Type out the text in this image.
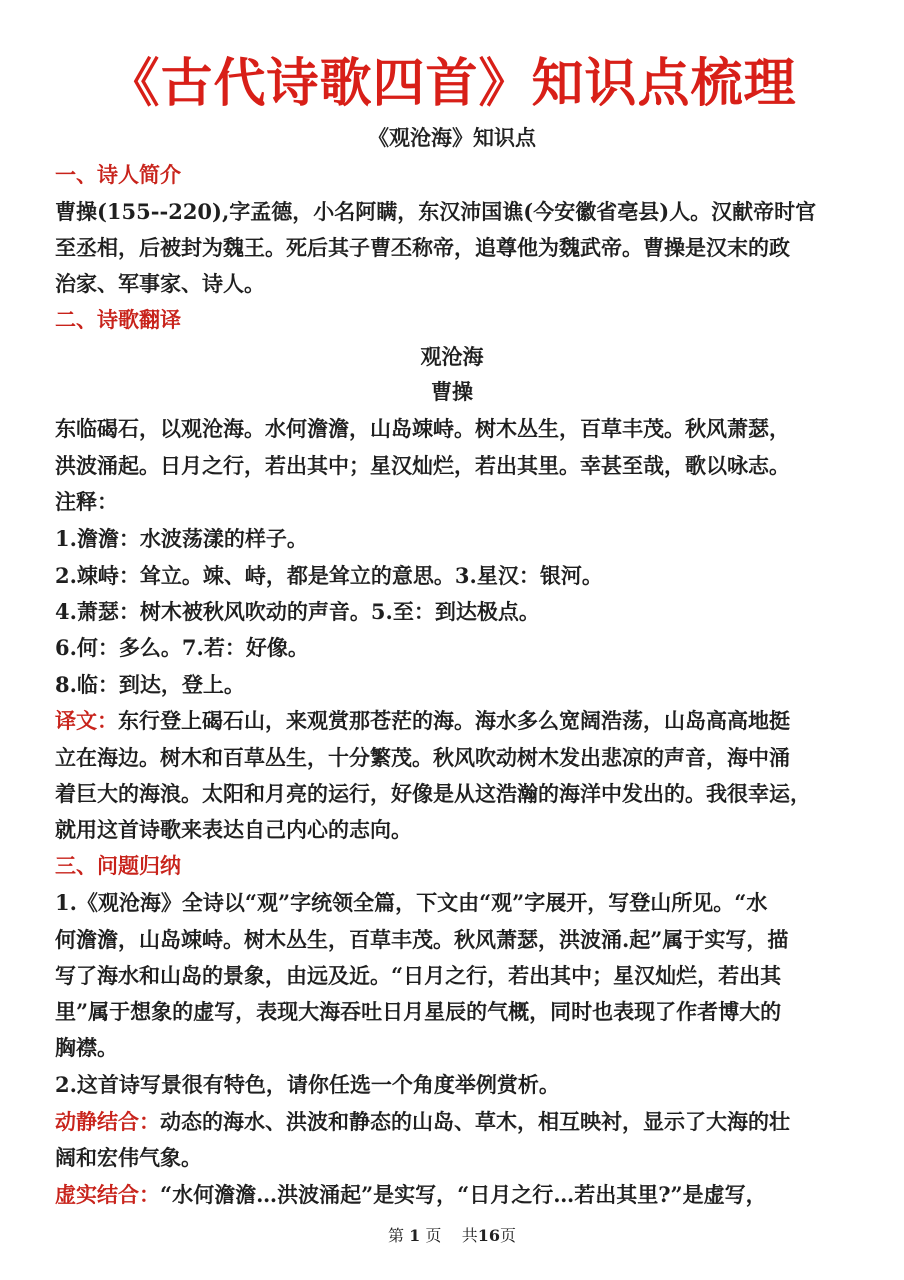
《古代诗歌四首》知识点梳理
《观沧海》知识点
一、诗人简介
曹操(155--220),字孟德，小名阿瞒，东汉沛国谯(今安徽省亳县)人。汉献帝时官
至丞相，后被封为魏王。死后其子曹丕称帝，追尊他为魏武帝。曹操是汉末的政
治家、军事家、诗人。
二、诗歌翻译
观沧海
曹操
东临碣石，以观沧海。水何澹澹，山岛竦峙。树木丛生，百草丰茂。秋风萧瑟，
洪波涌起。日月之行，若出其中；星汉灿烂，若出其里。幸甚至哉，歌以咏志。
注释：
1.澹澹：水波荡漾的样子。
2.竦峙：耸立。竦、峙，都是耸立的意思。3.星汉：银河。
4.萧瑟：树木被秋风吹动的声音。5.至：到达极点。
6.何：多么。7.若：好像。
8.临：到达，登上。
译文：东行登上碣石山，来观赏那苍茫的海。海水多么宽阔浩荡，山岛高高地挺
立在海边。树木和百草丛生，十分繁茂。秋风吹动树木发出悲凉的声音，海中涌
着巨大的海浪。太阳和月亮的运行，好像是从这浩瀚的海洋中发出的。我很幸运，
就用这首诗歌来表达自己内心的志向。
三、问题归纳
1.《观沧海》全诗以“观”字统领全篇，下文由“观”字展开，写登山所见。“水
何澹澹，山岛竦峙。树木丛生，百草丰茂。秋风萧瑟，洪波涌.起”属于实写，描
写了海水和山岛的景象，由远及近。“日月之行，若出其中；星汉灿烂，若出其
里”属于想象的虚写，表现大海吞吐日月星辰的气概，同时也表现了作者博大的
胸襟。
2.这首诗写景很有特色，请你任选一个角度举例赏析。
动静结合：动态的海水、洪波和静态的山岛、草木，相互映衬，显示了大海的壮
阔和宏伟气象。
虚实结合：“水何澹澹…洪波涌起”是实写，“日月之行…若出其里?”是虚写，
第 1 页 共16页
